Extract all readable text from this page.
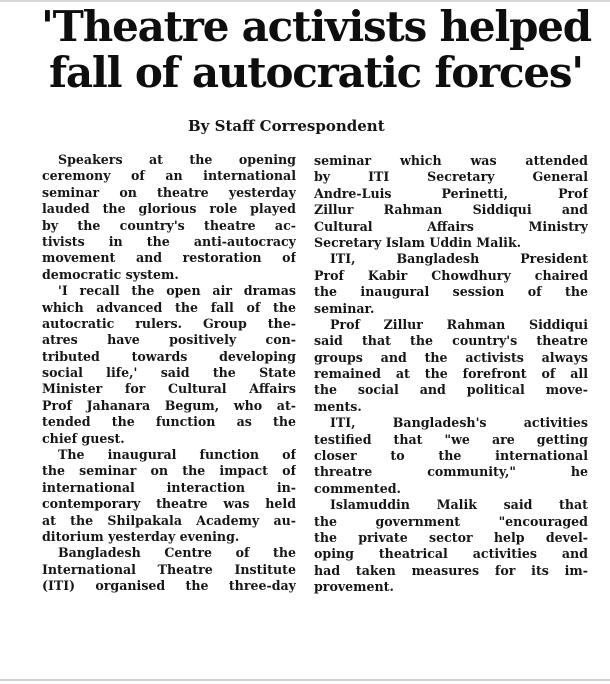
'Theatre activists helped
fall of autocratic forces'
By Staff Correspondent
Speakers at the opening
ceremony of an international
seminar on theatre yesterday
lauded the glorious role played
by the country's theatre ac-
tivists in the anti-autocracy
movement and restoration of
democratic system.
'I recall the open air dramas
which advanced the fall of the
autocratic rulers. Group the-
atres have positively con-
tributed towards developing
social life,' said the State
Minister for Cultural Affairs
Prof Jahanara Begum, who at-
tended the function as the
chief guest.
The inaugural function of
the seminar on the impact of
international interaction in-
contemporary theatre was held
at the Shilpakala Academy au-
ditorium yesterday evening.
Bangladesh Centre of the
International Theatre Institute
(ITI) organised the three-day
seminar which was attended
by ITI Secretary General
Andre-Luis Perinetti, Prof
Zillur Rahman Siddiqui and
Cultural Affairs Ministry
Secretary Islam Uddin Malik.
ITI, Bangladesh President
Prof Kabir Chowdhury chaired
the inaugural session of the
seminar.
Prof Zillur Rahman Siddiqui
said that the country's theatre
groups and the activists always
remained at the forefront of all
the social and political move-
ments.
ITI, Bangladesh's activities
testified that "we are getting
closer to the international
threatre community," he
commented.
Islamuddin Malik said that
the government "encouraged
the private sector help devel-
oping theatrical activities and
had taken measures for its im-
provement.
